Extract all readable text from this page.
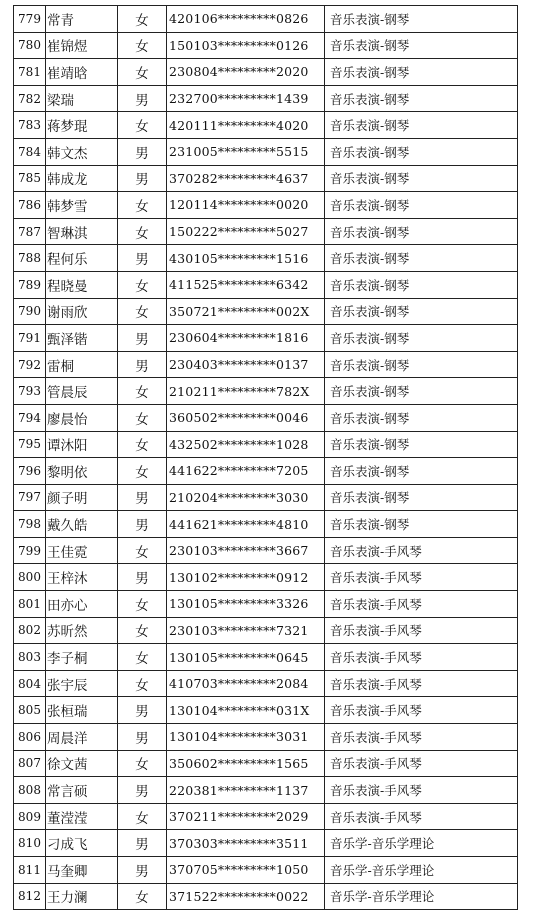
779	常青	女	420106*********0826	音乐表演-钢琴
780	崔锦煜	女	150103*********0126	音乐表演-钢琴
781	崔靖晗	女	230804*********2020	音乐表演-钢琴
782	梁瑞	男	232700*********1439	音乐表演-钢琴
783	蒋梦琨	女	420111*********4020	音乐表演-钢琴
784	韩文杰	男	231005*********5515	音乐表演-钢琴
785	韩成龙	男	370282*********4637	音乐表演-钢琴
786	韩梦雪	女	120114*********0020	音乐表演-钢琴
787	智琳淇	女	150222*********5027	音乐表演-钢琴
788	程何乐	男	430105*********1516	音乐表演-钢琴
789	程晓曼	女	411525*********6342	音乐表演-钢琴
790	谢雨欣	女	350721*********002X	音乐表演-钢琴
791	甄泽锴	男	230604*********1816	音乐表演-钢琴
792	雷桐	男	230403*********0137	音乐表演-钢琴
793	管晨辰	女	210211*********782X	音乐表演-钢琴
794	廖晨怡	女	360502*********0046	音乐表演-钢琴
795	谭沐阳	女	432502*********1028	音乐表演-钢琴
796	黎明依	女	441622*********7205	音乐表演-钢琴
797	颜子明	男	210204*********3030	音乐表演-钢琴
798	戴久皓	男	441621*********4810	音乐表演-钢琴
799	王佳霓	女	230103*********3667	音乐表演-手风琴
800	王梓沐	男	130102*********0912	音乐表演-手风琴
801	田亦心	女	130105*********3326	音乐表演-手风琴
802	苏昕然	女	230103*********7321	音乐表演-手风琴
803	李子桐	女	130105*********0645	音乐表演-手风琴
804	张宇辰	女	410703*********2084	音乐表演-手风琴
805	张桓瑞	男	130104*********031X	音乐表演-手风琴
806	周晨洋	男	130104*********3031	音乐表演-手风琴
807	徐文茜	女	350602*********1565	音乐表演-手风琴
808	常言硕	男	220381*********1137	音乐表演-手风琴
809	董滢滢	女	370211*********2029	音乐表演-手风琴
810	刁成飞	男	370303*********3511	音乐学-音乐学理论
811	马奎卿	男	370705*********1050	音乐学-音乐学理论
812	王力澜	女	371522*********0022	音乐学-音乐学理论
